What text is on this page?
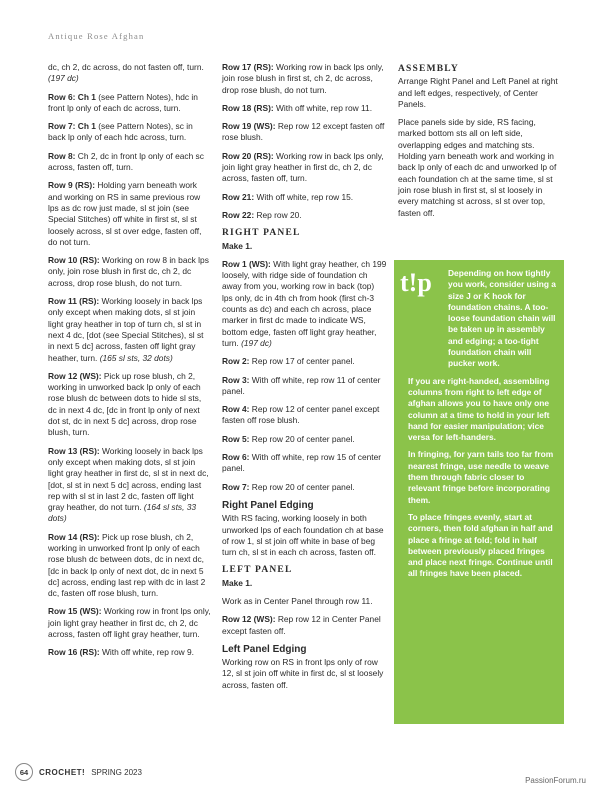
Antique Rose Afghan
dc, ch 2, dc across, do not fasten off, turn. (197 dc)
Row 6: Ch 1 (see Pattern Notes), hdc in front lp only of each dc across, turn.
Row 7: Ch 1 (see Pattern Notes), sc in back lp only of each hdc across, turn.
Row 8: Ch 2, dc in front lp only of each sc across, fasten off, turn.
Row 9 (RS): Holding yarn beneath work and working on RS in same previous row lps as dc row just made, sl st join (see Special Stitches) off white in first st, sl st loosely across, sl st over edge, fasten off, do not turn.
Row 10 (RS): Working on row 8 in back lps only, join rose blush in first dc, ch 2, dc across, drop rose blush, do not turn.
Row 11 (RS): Working loosely in back lps only except when making dots, sl st join light gray heather in top of turn ch, sl st in next 4 dc, [dot (see Special Stitches), sl st in next 5 dc] across, fasten off light gray heather, turn. (165 sl sts, 32 dots)
Row 12 (WS): Pick up rose blush, ch 2, working in unworked back lp only of each rose blush dc between dots to hide sl sts, dc in next 4 dc, [dc in front lp only of next dot st, dc in next 5 dc] across, drop rose blush, turn.
Row 13 (RS): Working loosely in back lps only except when making dots, sl st join light gray heather in first dc, sl st in next dc, [dot, sl st in next 5 dc] across, ending last rep with sl st in last 2 dc, fasten off light gray heather, do not turn. (164 sl sts, 33 dots)
Row 14 (RS): Pick up rose blush, ch 2, working in unworked front lp only of each rose blush dc between dots, dc in next dc, [dc in back lp only of next dot, dc in next 5 dc] across, ending last rep with dc in last 2 dc, fasten off rose blush, turn.
Row 15 (WS): Working row in front lps only, join light gray heather in first dc, ch 2, dc across, fasten off light gray heather, turn.
Row 16 (RS): With off white, rep row 9.
Row 17 (RS): Working row in back lps only, join rose blush in first st, ch 2, dc across, drop rose blush, do not turn.
Row 18 (RS): With off white, rep row 11.
Row 19 (WS): Rep row 12 except fasten off rose blush.
Row 20 (RS): Working row in back lps only, join light gray heather in first dc, ch 2, dc across, fasten off, turn.
Row 21: With off white, rep row 15.
Row 22: Rep row 20.
RIGHT PANEL
Make 1.
Row 1 (WS): With light gray heather, ch 199 loosely, with ridge side of foundation ch away from you, working row in back (top) lps only, dc in 4th ch from hook (first ch-3 counts as dc) and each ch across, place marker in first dc made to indicate WS, bottom edge, fasten off light gray heather, turn. (197 dc)
Row 2: Rep row 17 of center panel.
Row 3: With off white, rep row 11 of center panel.
Row 4: Rep row 12 of center panel except fasten off rose blush.
Row 5: Rep row 20 of center panel.
Row 6: With off white, rep row 15 of center panel.
Row 7: Rep row 20 of center panel.
Right Panel Edging
With RS facing, working loosely in both unworked lps of each foundation ch at base of row 1, sl st join off white in base of beg turn ch, sl st in each ch across, fasten off.
LEFT PANEL
Make 1.
Work as in Center Panel through row 11.
Row 12 (WS): Rep row 12 in Center Panel except fasten off.
Left Panel Edging
Working row on RS in front lps only of row 12, sl st join off white in first dc, sl st loosely across, fasten off.
ASSEMBLY
Arrange Right Panel and Left Panel at right and left edges, respectively, of Center Panels.
Place panels side by side, RS facing, marked bottom sts all on left side, overlapping edges and matching sts. Holding yarn beneath work and working in back lp only of each dc and unworked lp of each foundation ch at the same time, sl st join rose blush in first st, sl st loosely in every matching st across, sl st over top, fasten off.
t!p	Depending on how tightly you work, consider using a size J or K hook for foundation chains. A too-loose foundation chain will be taken up in assembly and edging; a too-tight foundation chain will pucker work.
If you are right-handed, assembling columns from right to left edge of afghan allows you to have only one column at a time to hold in your left hand for easier manipulation; vice versa for left-handers.
In fringing, for yarn tails too far from nearest fringe, use needle to weave them through fabric closer to relevant fringe before incorporating them.
To place fringes evenly, start at corners, then fold afghan in half and place a fringe at fold; fold in half between previously placed fringes and place next fringe. Continue until all fringes have been placed.
64	CROCHET! SPRING 2023
PassionForum.ru
